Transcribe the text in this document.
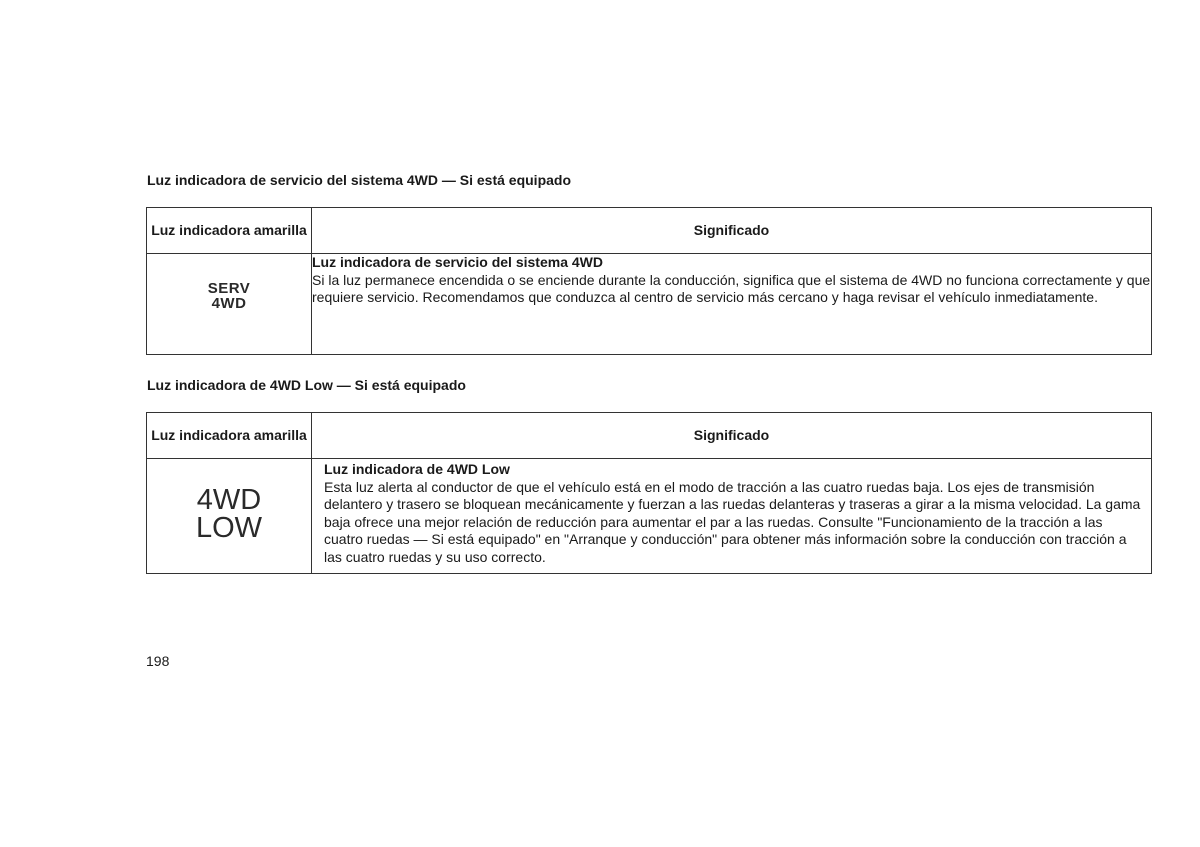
Luz indicadora de servicio del sistema 4WD — Si está equipado
Luz indicadora amarilla	Significado

SERV
4WD	Luz indicadora de servicio del sistema 4WD
Si la luz permanece encendida o se enciende durante la conducción, significa que el sistema de 4WD no funciona correctamente y que requiere servicio. Recomendamos que conduzca al centro de servicio más cercano y haga revisar el vehículo inmediatamente.
Luz indicadora de 4WD Low — Si está equipado
Luz indicadora amarilla	Significado

4WD
LOW	Luz indicadora de 4WD Low
Esta luz alerta al conductor de que el vehículo está en el modo de tracción a las cuatro ruedas baja. Los ejes de transmisión delantero y trasero se bloquean mecánicamente y fuerzan a las ruedas delanteras y traseras a girar a la misma velocidad. La gama baja ofrece una mejor relación de reducción para aumentar el par a las ruedas. Consulte "Funcionamiento de la tracción a las cuatro ruedas — Si está equipado" en "Arranque y conducción" para obtener más información sobre la conducción con tracción a las cuatro ruedas y su uso correcto.

198
